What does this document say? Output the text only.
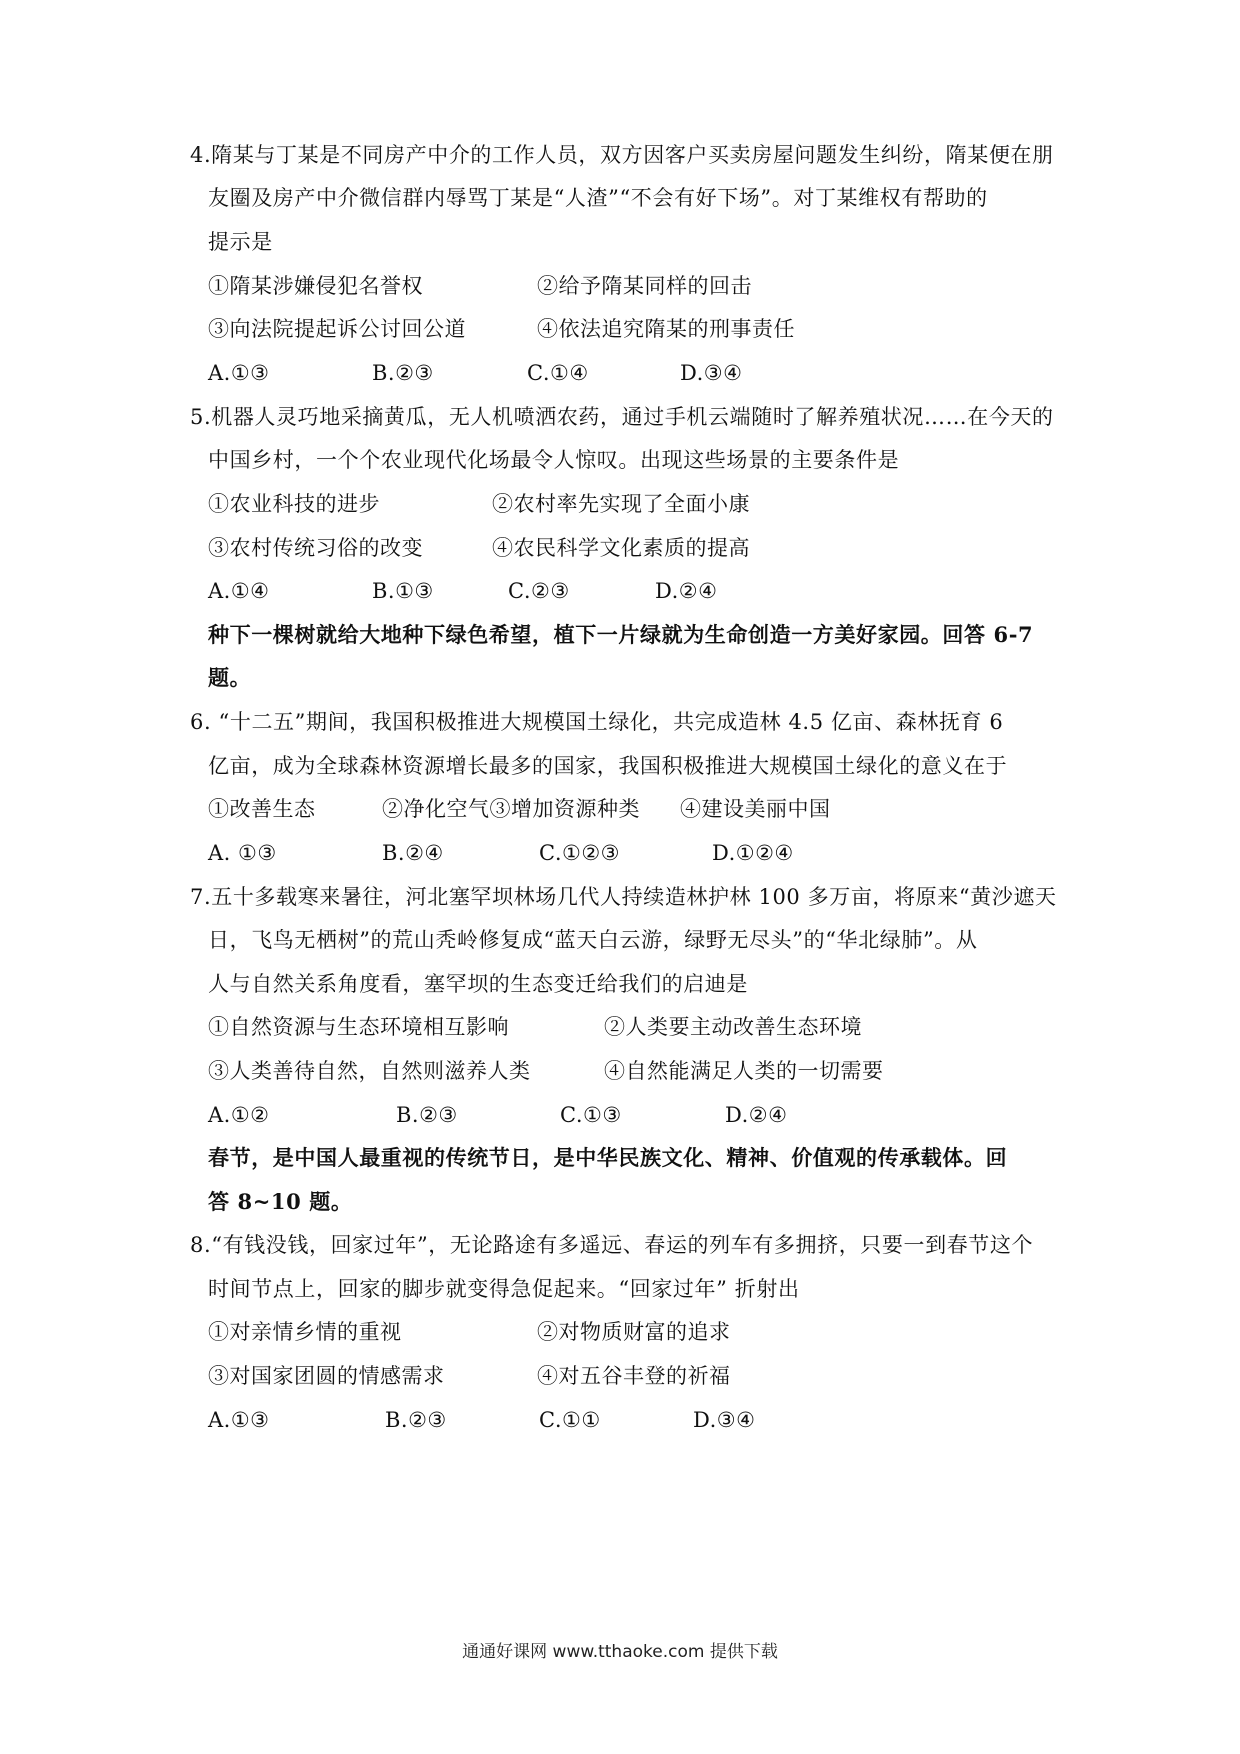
4.隋某与丁某是不同房产中介的工作人员，双方因客户买卖房屋问题发生纠纷，隋某便在朋
友圈及房产中介微信群内辱骂丁某是“人渣”“不会有好下场”。对丁某维权有帮助的
提示是
①隋某涉嫌侵犯名誉权	②给予隋某同样的回击
③向法院提起诉公讨回公道	④依法追究隋某的刑事责任
A.①③	B.②③	C.①④	D.③④
5.机器人灵巧地采摘黄瓜，无人机喷洒农药，通过手机云端随时了解养殖状况……在今天的
中国乡村，一个个农业现代化场最令人惊叹。出现这些场景的主要条件是
①农业科技的进步	②农村率先实现了全面小康
③农村传统习俗的改变	④农民科学文化素质的提高
A.①④	B.①③	C.②③	D.②④
种下一棵树就给大地种下绿色希望，植下一片绿就为生命创造一方美好家园。回答 6-7
题。
6. “十二五”期间，我国积极推进大规模国土绿化，共完成造林 4.5 亿亩、森林抚育 6
亿亩，成为全球森林资源增长最多的国家，我国积极推进大规模国土绿化的意义在于
①改善生态	②净化空气③增加资源种类 ④建设美丽中国
A. ①③	B.②④	C.①②③	D.①②④
7.五十多载寒来暑往，河北塞罕坝林场几代人持续造林护林 100 多万亩，将原来“黄沙遮天
日，飞鸟无栖树”的荒山秃岭修复成“蓝天白云游，绿野无尽头”的“华北绿肺”。从
人与自然关系角度看，塞罕坝的生态变迁给我们的启迪是
①自然资源与生态环境相互影响	②人类要主动改善生态环境
③人类善待自然，自然则滋养人类	④自然能满足人类的一切需要
A.①②	B.②③	C.①③	D.②④
春节，是中国人最重视的传统节日，是中华民族文化、精神、价值观的传承载体。回
答 8~10 题。
8.“有钱没钱，回家过年”，无论路途有多遥远、春运的列车有多拥挤，只要一到春节这个
时间节点上，回家的脚步就变得急促起来。“回家过年” 折射出
①对亲情乡情的重视	②对物质财富的追求
③对国家团圆的情感需求	④对五谷丰登的祈福
A.①③	B.②③	C.①①	D.③④
通通好课网 www.tthaoke.com 提供下载
